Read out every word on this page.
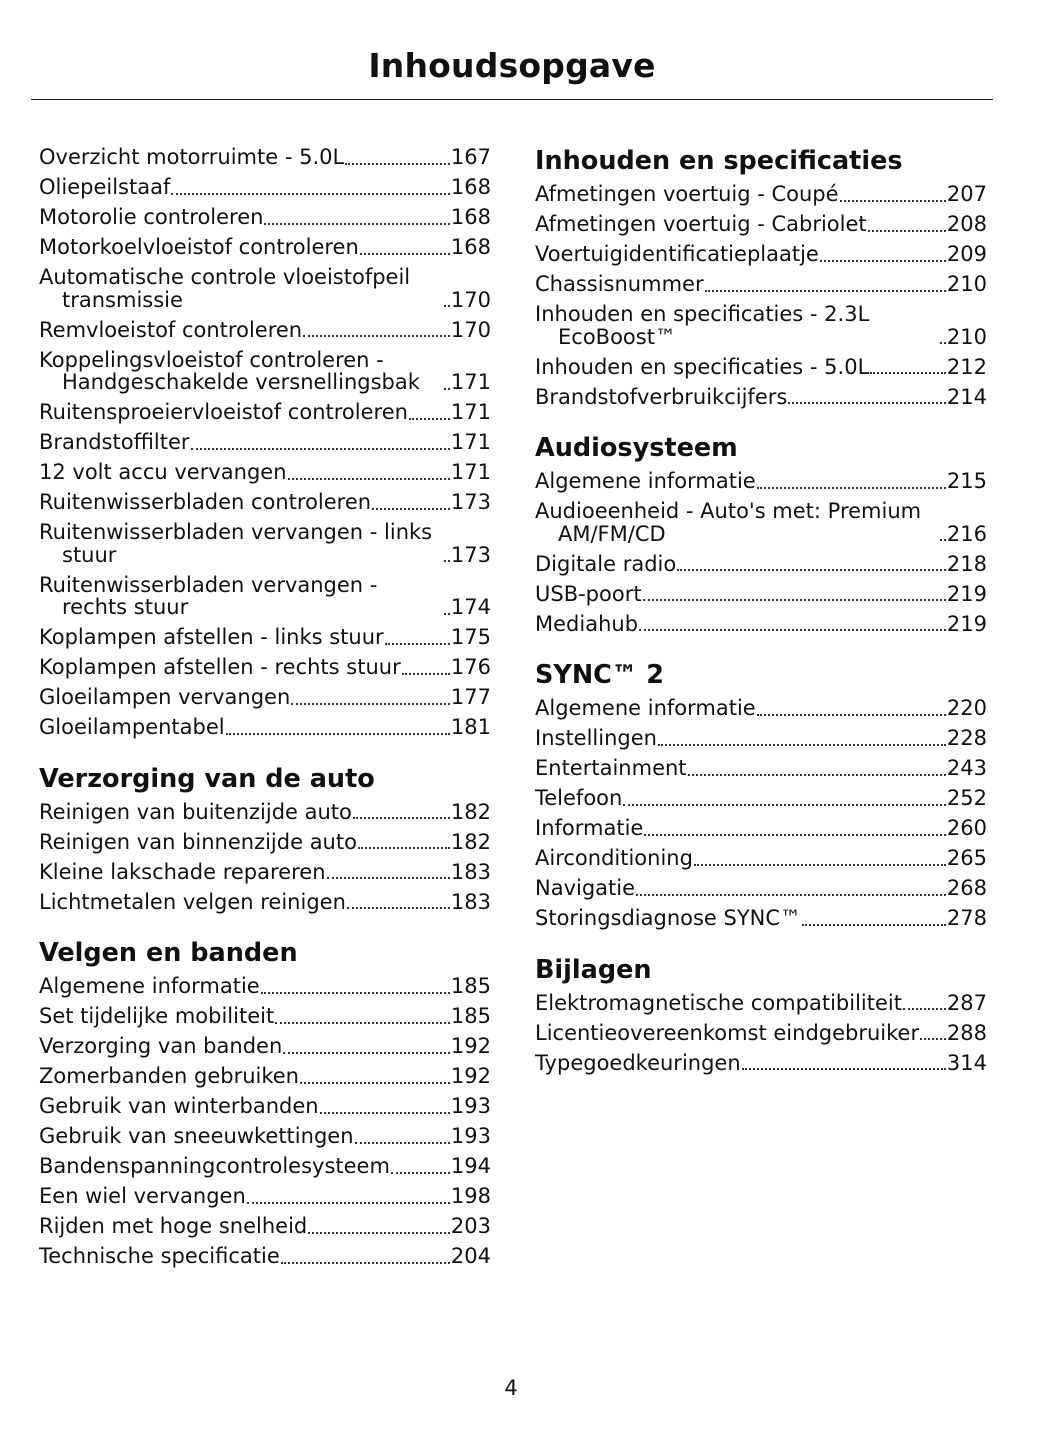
Inhoudsopgave
Overzicht motorruimte - 5.0L	167
Oliepeilstaaf	168
Motorolie controleren	168
Motorkoelvloeistof controleren	168
Automatische controle vloeistofpeil transmissie	170
Remvloeistof controleren	170
Koppelingsvloeistof controleren - Handgeschakelde versnellingsbak	171
Ruitensproeiervloeistof controleren 171
Brandstoffilter	171
12 volt accu vervangen	171
Ruitenwisserbladen controleren	173
Ruitenwisserbladen vervangen - links stuur	173
Ruitenwisserbladen vervangen - rechts stuur	174
Koplampen afstellen - links stuur	175
Koplampen afstellen - rechts stuur 176
Gloeilampen vervangen	177
Gloeilampentabel	181
Verzorging van de auto
Reinigen van buitenzijde auto	182
Reinigen van binnenzijde auto	182
Kleine lakschade repareren	183
Lichtmetalen velgen reinigen	183
Velgen en banden
Algemene informatie	185
Set tijdelijke mobiliteit	185
Verzorging van banden	192
Zomerbanden gebruiken	192
Gebruik van winterbanden	193
Gebruik van sneeuwkettingen	193
Bandenspanningcontrolesysteem	194
Een wiel vervangen	198
Rijden met hoge snelheid	203
Technische specificatie	204
Inhouden en specificaties
Afmetingen voertuig - Coupé	207
Afmetingen voertuig - Cabriolet	208
Voertuigidentificatieplaatje	209
Chassisnummer	210
Inhouden en specificaties - 2.3L EcoBoost™	210
Inhouden en specificaties - 5.0L	212
Brandstofverbruikcijfers	214
Audiosysteem
Algemene informatie	215
Audioeenheid - Auto's met: Premium AM/FM/CD	216
Digitale radio	218
USB-poort	219
Mediahub	219
SYNC™ 2
Algemene informatie	220
Instellingen	228
Entertainment	243
Telefoon	252
Informatie	260
Airconditioning	265
Navigatie	268
Storingsdiagnose SYNC™	278
Bijlagen
Elektromagnetische compatibiliteit 287
Licentieovereenkomst eindgebruiker 288
Typegoedkeuringen	314
4
